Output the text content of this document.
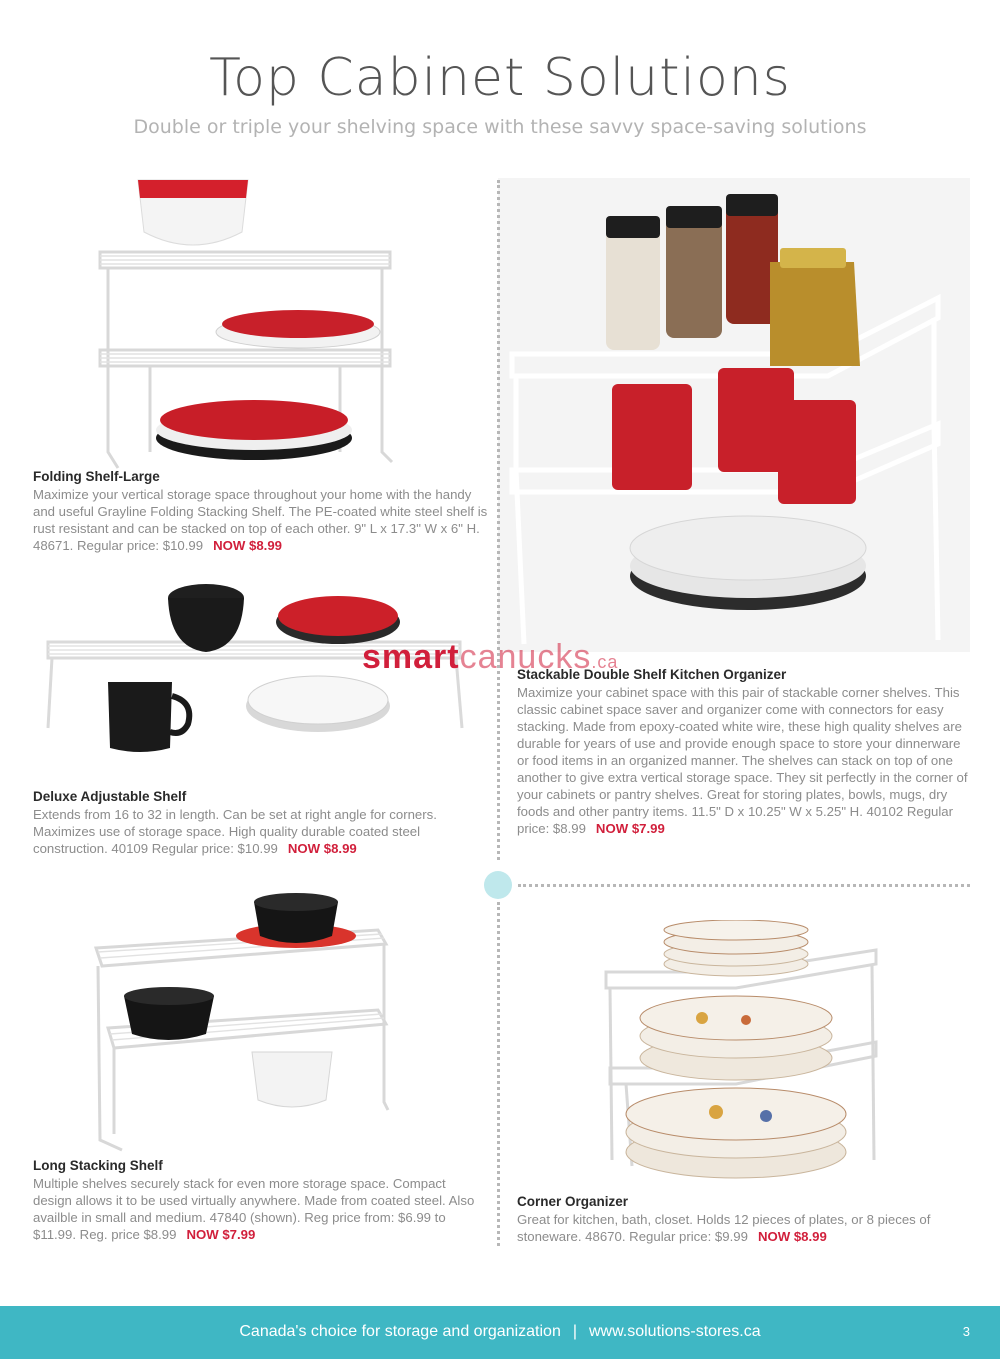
Top Cabinet Solutions
Double or triple your shelving space with these savvy space-saving solutions
Folding Shelf-Large
Maximize your vertical storage space throughout your home with the handy and useful Grayline Folding Stacking Shelf. The PE-coated white steel shelf is rust resistant and can be stacked on top of each other. 9" L x 17.3" W x 6" H. 48671. Regular price: $10.99 NOW $8.99
Deluxe Adjustable Shelf
Extends from 16 to 32 in length. Can be set at right angle for corners. Maximizes use of storage space. High quality durable coated steel construction. 40109 Regular price: $10.99 NOW $8.99
Long Stacking Shelf
Multiple shelves securely stack for even more storage space. Compact design allows it to be used virtually anywhere. Made from coated steel. Also availble in small and medium. 47840 (shown). Reg price from: $6.99 to $11.99. Reg. price $8.99 NOW $7.99
smartcanucks.ca
Stackable Double Shelf Kitchen Organizer
Maximize your cabinet space with this pair of stackable corner shelves. This classic cabinet space saver and organizer come with connectors for easy stacking. Made from epoxy-coated white wire, these high quality shelves are durable for years of use and provide enough space to store your dinnerware or food items in an organized manner. The shelves can stack on top of one another to give extra vertical storage space. They sit perfectly in the corner of your cabinets or pantry shelves. Great for storing plates, bowls, mugs, dry foods and other pantry items. 11.5" D x 10.25" W x 5.25" H. 40102 Regular price: $8.99 NOW $7.99
Corner Organizer
Great for kitchen, bath, closet. Holds 12 pieces of plates, or 8 pieces of stoneware. 48670. Regular price: $9.99 NOW $8.99
Canada's choice for storage and organization | www.solutions-stores.ca	3
